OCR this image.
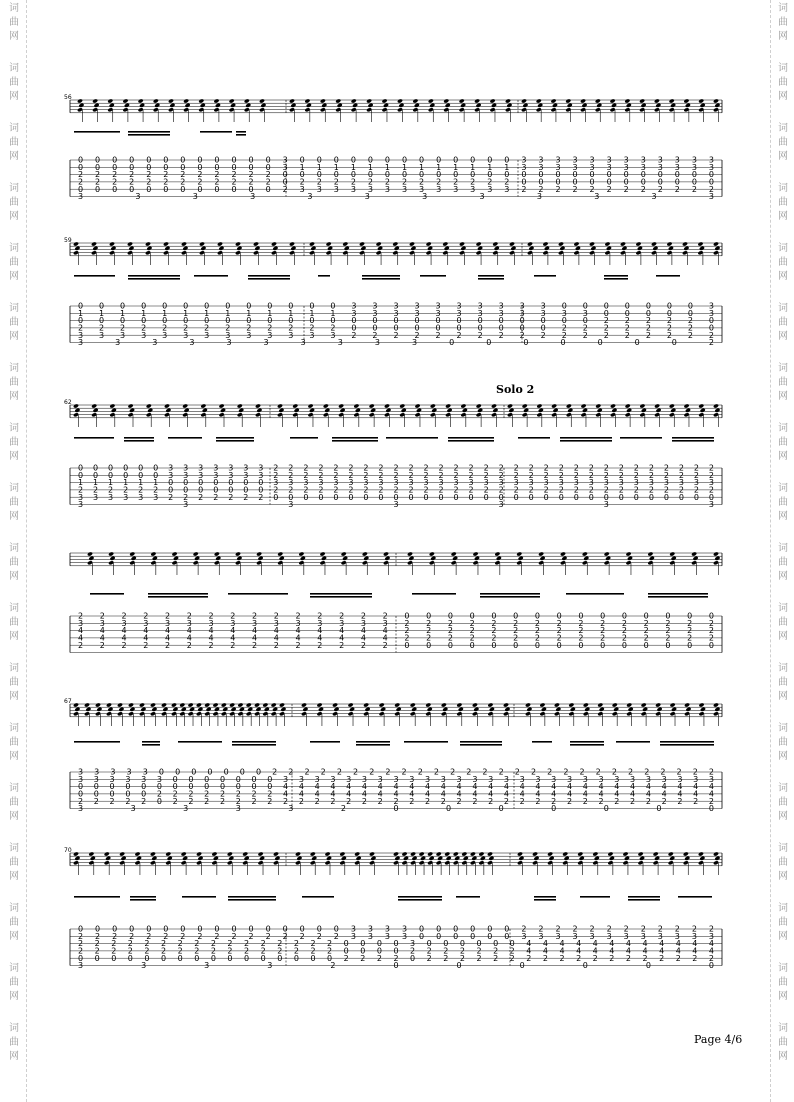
词
曲
网
词
曲
网
词
曲
网
词
曲
网
词
曲
网
词
曲
网
词
曲
网
词
曲
网
词
曲
网
词
曲
网
词
曲
网
词
曲
网
词
曲
网
词
曲
网
词
曲
网
词
曲
网
词
曲
网
词
曲
网
词
曲
网
词
曲
网
词
曲
网
词
曲
网
词
曲
网
词
曲
网
词
曲
网
词
曲
网
词
曲
网
词
曲
网
词
曲
网
词
曲
网
词
曲
网
词
曲
网
词
曲
网
词
曲
网
词
曲
网
词
曲
网
56
0 0 0 0 0 0 0 0 0 0 0 0 3 0 0 0 0 0 0 0 0 0 0 0 0 0 3 3 3 3 3 3 3 3 3 3 3 3
0 0 0 0 0 0 0 0 0 0 0 0 3 1 1 1 1 1 1 1 1 1 1 1 1 1 3 3 3 3 3 3 3 3 3 3 3 3
2 2 2 2 2 2 2 2 2 2 2 2 0 0 0 0 0 0 0 0 0 0 0 0 0 0 0 0 0 0 0 0 0 0 0 0 0 0
2 2 2 2 2 2 2 2 2 2 2 2 0 2 2 2 2 2 2 2 2 2 2 2 2 2 0 0 0 0 0 0 0 0 0 0 0 0
0 0 0 0 0 0 0 0 0 0 0 0 2 3 3 3 3 3 3 3 3 3 3 3 3 3 2 2 2 2 2 2 2 2 2 2 2 2
3 3 3 3 3 3 3 3 3 3 3 3
59
0 0 0 0 0 0 0 0 0 0 0 0 0 3 3 3 3 3 3 3 3 3 3 0 0 0 0 0 0 0 3
1 1 1 1 1 1 1 1 1 1 1 1 1 3 3 3 3 3 3 3 3 3 3 3 3 0 0 0 0 0 3
0 0 0 0 0 0 0 0 0 0 0 0 0 0 0 0 0 0 0 0 0 0 0 0 0 2 2 2 2 2 0
2 2 2 2 2 2 2 2 2 2 2 2 2 0 0 0 0 0 0 0 0 0 0 2 2 2 2 2 2 2 0
3 3 3 3 3 3 3 3 3 3 3 3 3 2 2 2 2 2 2 2 2 2 2 2 2 2 2 2 2 2 2
3 3 3 3 3 3 3 3 3 3 0 0 0 0 0 0 0 2
62
0 0 0 0 0 0 3 3 3 3 3 3 3 2 2 2 2 2 2 2 2 2 2 2 2 2 2 2 2 2 2 2 2 2 2 2 2 2 2 2 2 2 2
0 0 0 0 0 0 3 3 3 3 3 3 3 2 2 2 2 2 2 2 2 2 2 2 2 2 2 2 2 2 2 2 2 2 2 2 2 2 2 2 2 2 2
1 1 1 1 1 1 0 0 0 0 0 0 0 3 3 3 3 3 3 3 3 3 3 3 3 3 3 3 3 3 3 3 3 3 3 3 3 3 3 3 3 3 3
2 2 2 2 2 2 0 0 0 0 0 0 0 2 2 2 2 2 2 2 2 2 2 2 2 2 2 2 2 2 2 2 2 2 2 2 2 2 2 2 2 2 2
3 3 3 3 3 3 2 2 2 2 2 2 2 0 0 0 0 0 0 0 0 0 0 0 0 0 0 0 0 0 0 0 0 0 0 0 0 0 0 0 0 0 0
3 3 3 3 3 3 3
2 2 2 2 2 2 2 2 2 2 2 2 2 2 2 0 0 0 0 0 0 0 0 0 0 0 0 0 0 0
3 3 3 3 3 3 3 3 3 3 3 3 3 3 3 2 2 2 2 2 2 2 2 2 2 2 2 2 2 2
4 4 4 4 4 4 4 4 4 4 4 4 4 4 4 2 2 2 2 2 2 2 2 2 2 2 2 2 2 2
4 4 4 4 4 4 4 4 4 4 4 4 4 4 4 2 2 2 2 2 2 2 2 2 2 2 2 2 2 2
2 2 2 2 2 2 2 2 2 2 2 2 2 2 2 0 0 0 0 0 0 0 0 0 0 0 0 0 0 0
67
3 3 3 3 3 0 0 0 0 0 0 0 2 2 2 2 2 2 2 2 2 2 2 2 2 2 2 2 2 2 2 2 2 2 2 2 2 2 2 2
3 3 3 3 3 3 0 0 0 0 0 0 0 3 3 3 3 3 3 3 3 3 3 3 3 3 3 3 3 3 3 3 3 3 3 3 3 3 3 3 3
0 0 0 0 0 0 0 0 0 0 0 0 0 4 4 4 4 4 4 4 4 4 4 4 4 4 4 4 4 4 4 4 4 4 4 4 4 4 4 4 4
0 0 0 0 0 2 2 2 2 2 2 2 2 4 4 4 4 4 4 4 4 4 4 4 4 4 4 4 4 4 4 4 4 4 4 4 4 4 4 4 4
2 2 2 2 2 0 2 2 2 2 2 2 2 2 2 2 2 2 2 2 2 2 2 2 2 2 2 2 2 2 2 2 2 2 2 2 2 2 2 2 2
3 3 3 3 3 2 0 0 0 0 0 0 0
70
0 0 0 0 0 0 0 0 0 0 0 0 0 0 0 0 3 3 3 3 0 0 0 0 0 0 2 2 2 2 2 2 2 2 2 2 2 2
2 2 2 2 2 2 2 2 2 2 2 2 2 2 2 2 3 3 3 3 0 0 0 0 0 0 3 3 3 3 3 3 3 3 3 3 3 3
2 2 2 2 2 2 2 2 2 2 2 2 2 2 2 2 0 0 0 0 3 0 0 0 0 0 0 4 4 4 4 4 4 4 4 4 4 4 4
2 2 2 2 2 2 2 2 2 2 2 2 2 2 2 2 0 0 0 0 2 2 2 2 2 2 2 4 4 4 4 4 4 4 4 4 4 4 4
0 0 0 0 0 0 0 0 0 0 0 0 0 0 0 0 2 2 2 2 0 2 2 2 2 2 2 2 2 2 2 2 2 2 2 2 2 2 2
3 3 3 3 2 0 0 0 0 0 0
Solo 2
Page 4/6
